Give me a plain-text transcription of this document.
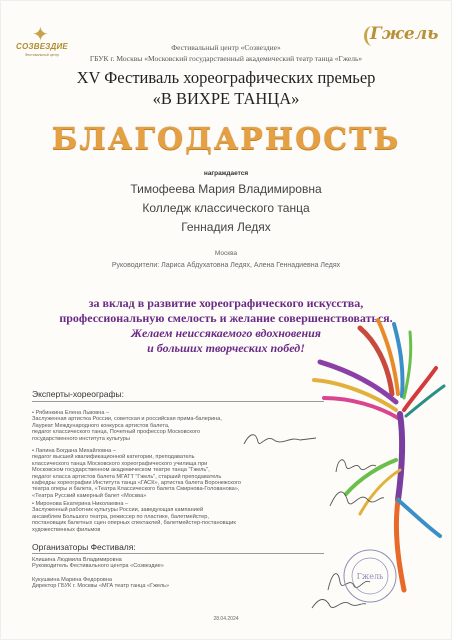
✦
СОЗВЕЗДИЕ
Фестивальный центр
Гжель
Фестивальный центр «Созвездие»
ГБУК г. Москвы «Московский государственный академический театр танца «Гжель»
XV Фестиваль хореографических премьер
«В ВИХРЕ ТАНЦА»
БЛАГОДАРНОСТЬ
награждается
Тимофеева Мария Владимировна
Колледж классического танца
Геннадия Ледях
Москва
Руководители: Лариса Абдухатовна Ледях, Алена Геннадиевна Ледях
за вклад в развитие хореографического искусства,
профессиональную смелость и желание совершенствоваться.
Желаем неиссякаемого вдохновения
и больших творческих побед!
Эксперты-хореографы:
• Рябинкина Елена Львовна –
Заслуженная артистка России, советская и российская прима-балерина,
Лауреат Международного конкурса артистов балета,
педагог классического танца, Почетный профессор Московского
государственного института культуры
• Лапина Богдана Михайловна –
педагог высшей квалификационной категории, преподаватель
классического танца Московского хореографического училища при
Московском государственном академическом театре танца "Гжель",
педагог класса артистов балета МГАТТ "Гжель", старший преподаватель
кафедры хореографии Института танца «ГАСК», артистка балета Воронежского
театра оперы и балета, «Театра Классического балета Смирнова-Голованова»,
«Театра Русский камерный балет «Москва»
• Миронова Екатерина Николаевна –
Заслуженный работник культуры России, заведующая кампанией
ансамблем Большого театра, режиссер по пластике, балетмейстер,
постановщик балетных сцен оперных спектаклей, балетмейстер-постановщик
художественных фильмов
Организаторы Фестиваля:
Клишина Людмила Владимировна
Руководитель Фестивального центра «Созвездие»
Кукушкина Марина Федоровна
Директор ГБУК г. Москвы «МГА театр танца «Гжель»
Гжель
28.04.2024
